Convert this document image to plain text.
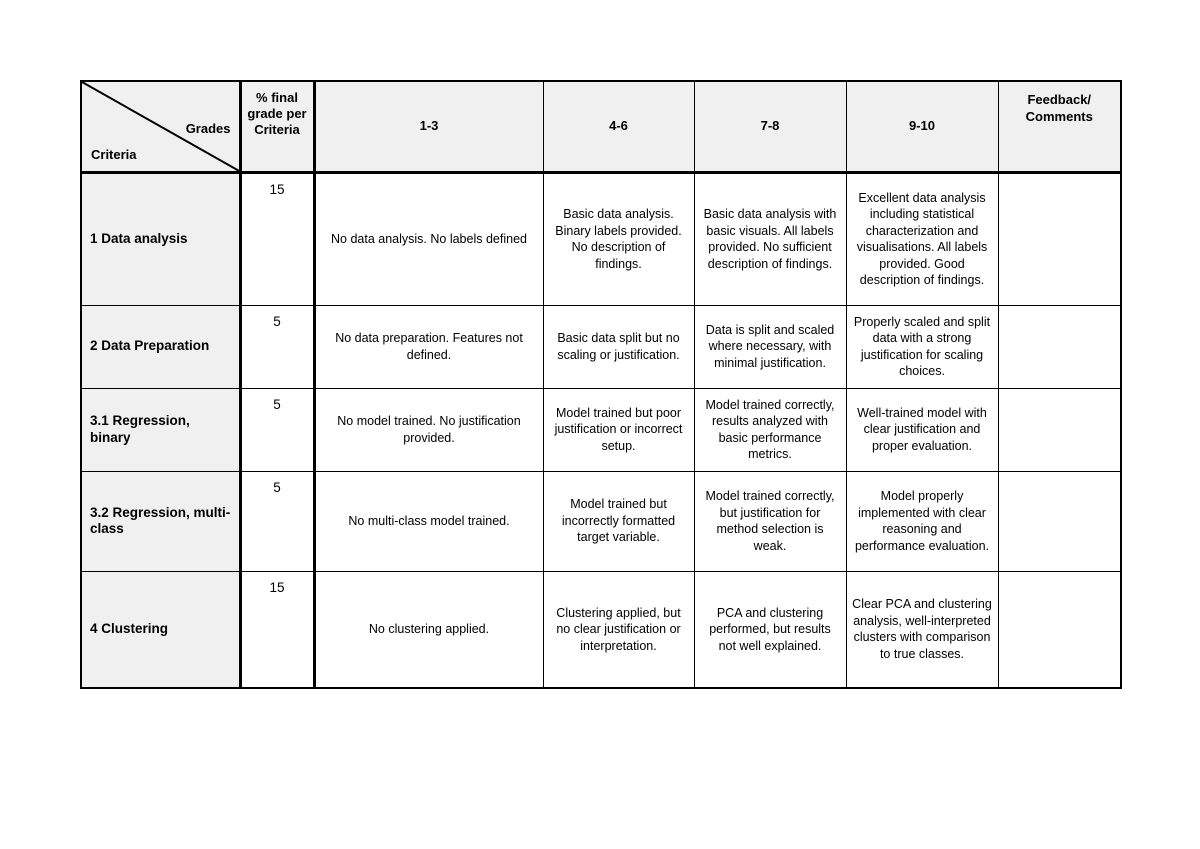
Grades
Criteria	% final grade per Criteria	1-3	4-6	7-8	9-10	Feedback/ Comments
1 Data analysis	15	No data analysis. No labels defined	Basic data analysis. Binary labels provided. No description of findings.	Basic data analysis with basic visuals. All labels provided. No sufficient description of findings.	Excellent data analysis including statistical characterization and visualisations. All labels provided. Good description of findings.	
2 Data Preparation	5	No data preparation. Features not defined.	Basic data split but no scaling or justification.	Data is split and scaled where necessary, with minimal justification.	Properly scaled and split data with a strong justification for scaling choices.	
3.1 Regression, binary	5	No model trained. No justification provided.	Model trained but poor justification or incorrect setup.	Model trained correctly, results analyzed with basic performance metrics.	Well-trained model with clear justification and proper evaluation.	
3.2 Regression, multi-class	5	No multi-class model trained.	Model trained but incorrectly formatted target variable.	Model trained correctly, but justification for method selection is weak.	Model properly implemented with clear reasoning and performance evaluation.	
4 Clustering	15	No clustering applied.	Clustering applied, but no clear justification or interpretation.	PCA and clustering performed, but results not well explained.	Clear PCA and clustering analysis, well-interpreted clusters with comparison to true classes.	
